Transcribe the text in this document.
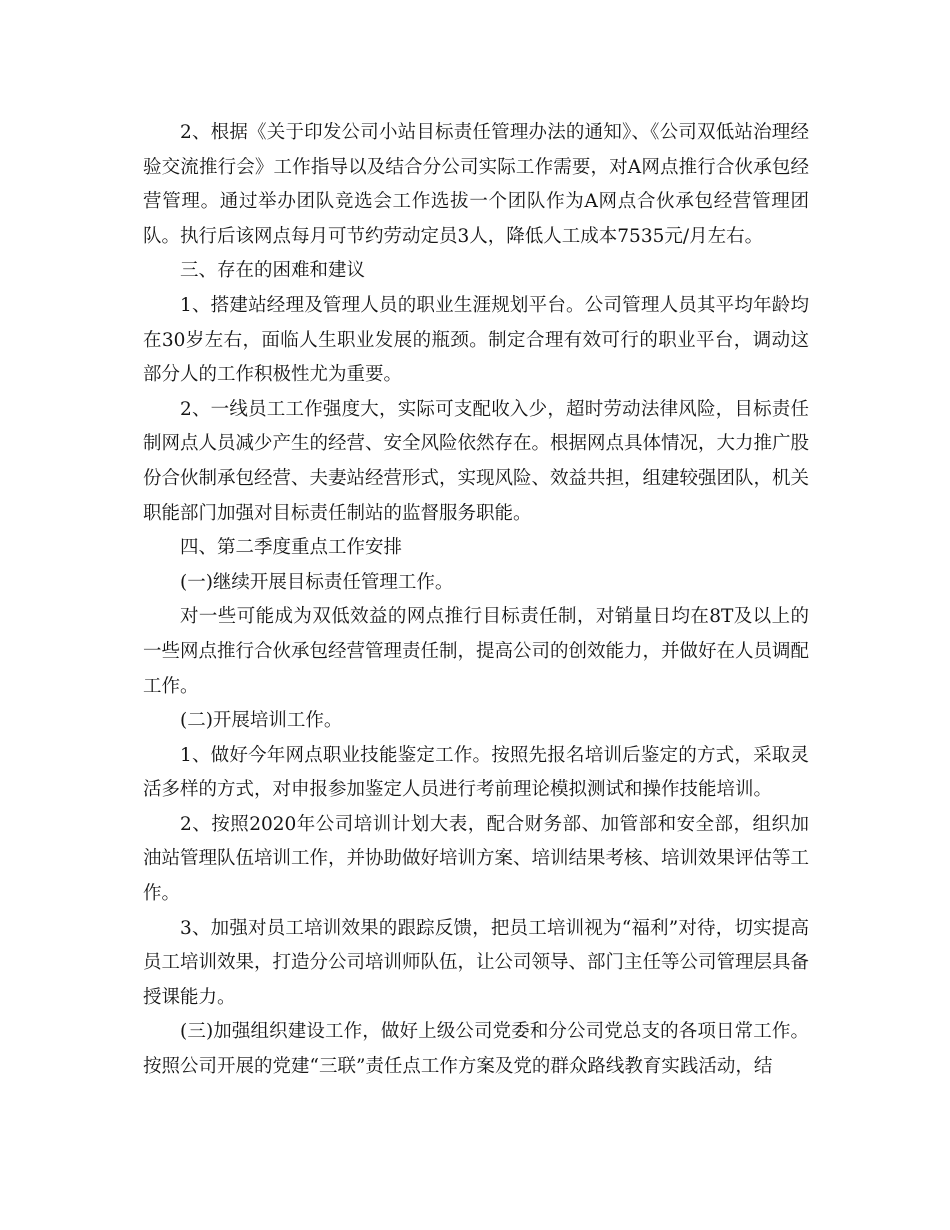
2、根据《关于印发公司小站目标责任管理办法的通知》、《公司双低站治理经验交流推行会》工作指导以及结合分公司实际工作需要，对A网点推行合伙承包经营管理。通过举办团队竞选会工作选拔一个团队作为A网点合伙承包经营管理团队。执行后该网点每月可节约劳动定员3人，降低人工成本7535元/月左右。

三、存在的困难和建议

1、搭建站经理及管理人员的职业生涯规划平台。公司管理人员其平均年龄均在30岁左右，面临人生职业发展的瓶颈。制定合理有效可行的职业平台，调动这部分人的工作积极性尤为重要。

2、一线员工工作强度大，实际可支配收入少，超时劳动法律风险，目标责任制网点人员减少产生的经营、安全风险依然存在。根据网点具体情况，大力推广股份合伙制承包经营、夫妻站经营形式，实现风险、效益共担，组建较强团队，机关职能部门加强对目标责任制站的监督服务职能。

四、第二季度重点工作安排

(一)继续开展目标责任管理工作。

对一些可能成为双低效益的网点推行目标责任制，对销量日均在8T及以上的一些网点推行合伙承包经营管理责任制，提高公司的创效能力，并做好在人员调配工作。

(二)开展培训工作。

1、做好今年网点职业技能鉴定工作。按照先报名培训后鉴定的方式，采取灵活多样的方式，对申报参加鉴定人员进行考前理论模拟测试和操作技能培训。

2、按照2020年公司培训计划大表，配合财务部、加管部和安全部，组织加油站管理队伍培训工作，并协助做好培训方案、培训结果考核、培训效果评估等工作。

3、加强对员工培训效果的跟踪反馈，把员工培训视为“福利”对待，切实提高员工培训效果，打造分公司培训师队伍，让公司领导、部门主任等公司管理层具备授课能力。

(三)加强组织建设工作，做好上级公司党委和分公司党总支的各项日常工作。按照公司开展的党建“三联”责任点工作方案及党的群众路线教育实践活动，结
